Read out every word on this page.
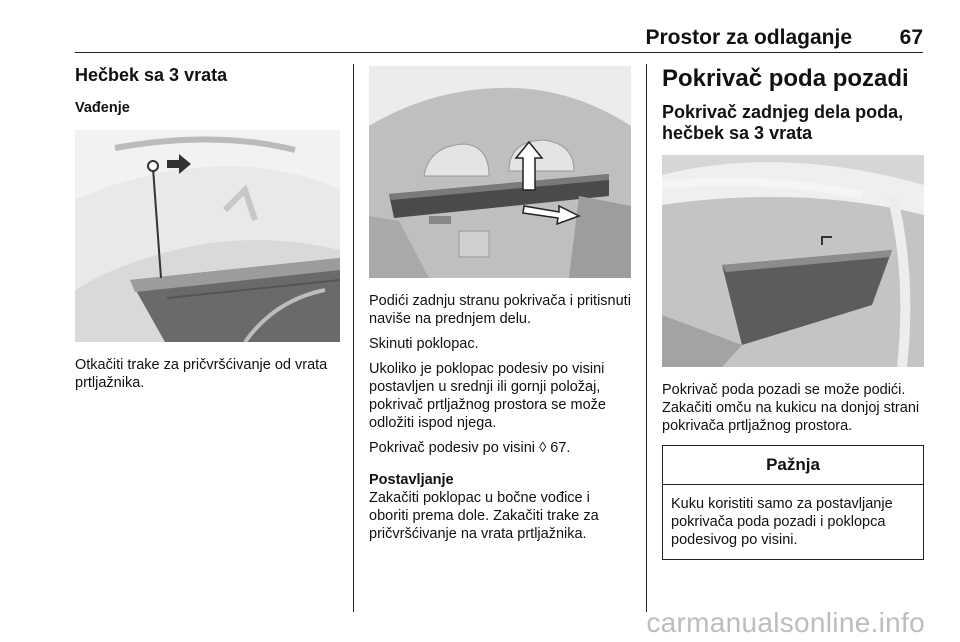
Prostor za odlaganje 67
Hečbek sa 3 vrata
Vađenje

Otkačiti trake za pričvršćivanje od vrata prtljažnika.

Podići zadnju stranu pokrivača i pritisnuti naviše na prednjem delu.

Skinuti poklopac.

Ukoliko je poklopac podesiv po visini postavljen u srednji ili gornji položaj, pokrivač prtljažnog prostora se može odložiti ispod njega.

Pokrivač podesiv po visini ◊ 67.

Postavljanje

Zakačiti poklopac u bočne vođice i oboriti prema dole. Zakačiti trake za pričvršćivanje na vrata prtljažnika.

Pokrivač poda pozadi
Pokrivač zadnjeg dela poda, hečbek sa 3 vrata

Pokrivač poda pozadi se može podići. Zakačiti omču na kukicu na donjoj strani pokrivača prtljažnog prostora.

Pažnja
Kuku koristiti samo za postavljanje pokrivača poda pozadi i poklopca podesivog po visini.
carmanualsonline.info
